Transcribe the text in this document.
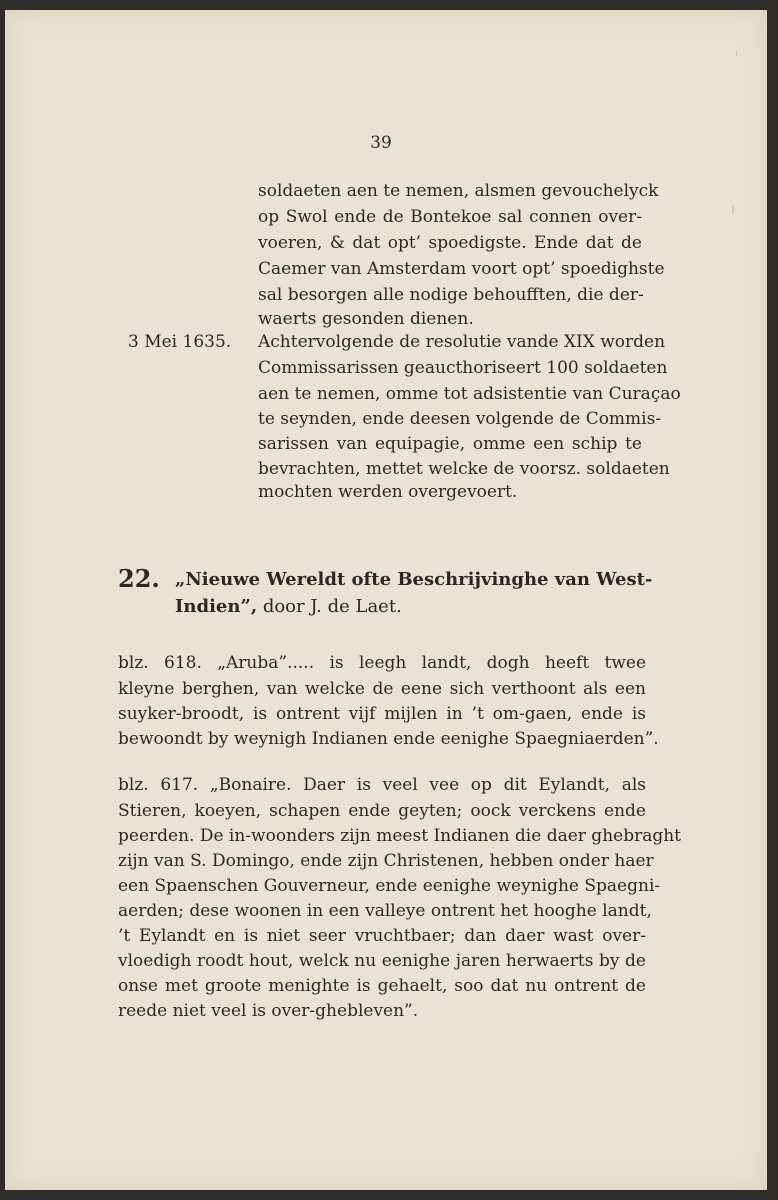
39
soldaeten aen te nemen, alsmen gevouchelyck
op Swol ende de Bontekoe sal connen over-
voeren, & dat opt’ spoedigste. Ende dat de
Caemer van Amsterdam voort opt’ spoedighste
sal besorgen alle nodige behoufften, die der-
waerts gesonden dienen.
3 Mei 1635. Achtervolgende de resolutie vande XIX worden
Commissarissen geaucthoriseert 100 soldaeten
aen te nemen, omme tot adsistentie van Curaçao
te seynden, ende deesen volgende de Commis-
sarissen van equipagie, omme een schip te
bevrachten, mettet welcke de voorsz. soldaeten
mochten werden overgevoert.
22. „Nieuwe Wereldt ofte Beschrijvinghe van West-
Indien”, door J. de Laet.
blz. 618. „Aruba”..... is leegh landt, dogh heeft twee
kleyne berghen, van welcke de eene sich verthoont als een
suyker-broodt, is ontrent vijf mijlen in ’t om-gaen, ende is
bewoondt by weynigh Indianen ende eenighe Spaegniaerden”.
blz. 617. „Bonaire. Daer is veel vee op dit Eylandt, als
Stieren, koeyen, schapen ende geyten; oock verckens ende
peerden. De in-woonders zijn meest Indianen die daer ghebraght
zijn van S. Domingo, ende zijn Christenen, hebben onder haer
een Spaenschen Gouverneur, ende eenighe weynighe Spaegni-
aerden; dese woonen in een valleye ontrent het hooghe landt,
’t Eylandt en is niet seer vruchtbaer; dan daer wast over-
vloedigh roodt hout, welck nu eenighe jaren herwaerts by de
onse met groote menighte is gehaelt, soo dat nu ontrent de
reede niet veel is over-ghebleven”.
